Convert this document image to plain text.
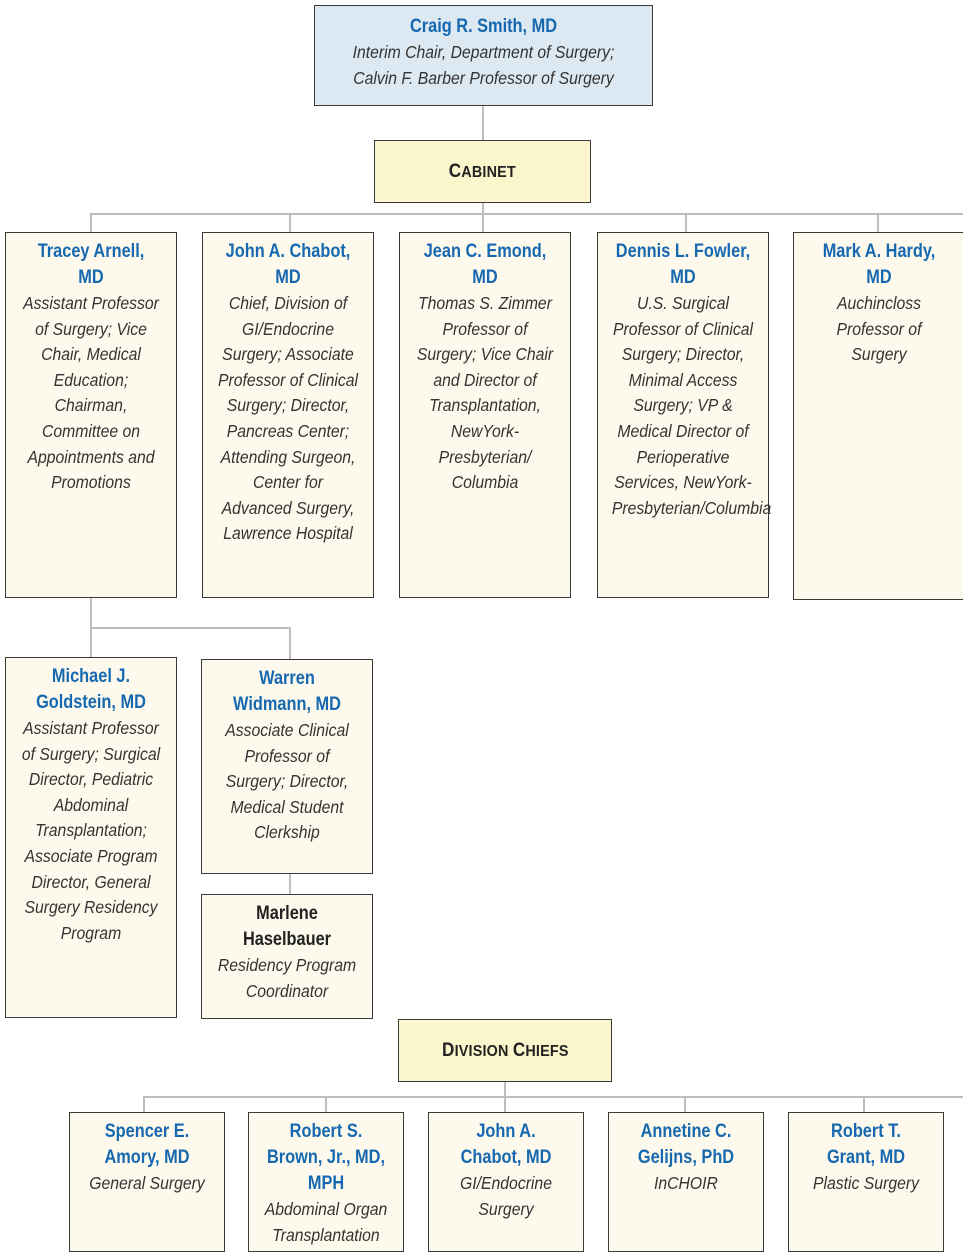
Craig R. Smith, MD
Interim Chair, Department of Surgery;
Calvin F. Barber Professor of Surgery
CABINET
Tracey Arnell, MD
Assistant Professor of Surgery; Vice Chair, Medical Education; Chairman, Committee on Appointments and Promotions
John A. Chabot, MD
Chief, Division of GI/Endocrine Surgery; Associate Professor of Clinical Surgery; Director, Pancreas Center; Attending Surgeon, Center for Advanced Surgery, Lawrence Hospital
Jean C. Emond, MD
Thomas S. Zimmer Professor of Surgery; Vice Chair and Director of Transplantation, NewYork-Presbyterian/ Columbia
Dennis L. Fowler, MD
U.S. Surgical Professor of Clinical Surgery; Director, Minimal Access Surgery; VP & Medical Director of Perioperative Services, NewYork-Presbyterian/Columbia
Mark A. Hardy, MD
Auchincloss Professor of Surgery
Michael J. Goldstein, MD
Assistant Professor of Surgery; Surgical Director, Pediatric Abdominal Transplantation; Associate Program Director, General Surgery Residency Program
Warren Widmann, MD
Associate Clinical Professor of Surgery; Director, Medical Student Clerkship
Marlene Haselbauer
Residency Program Coordinator
DIVISION CHIEFS
Spencer E. Amory, MD
General Surgery
Robert S. Brown, Jr., MD, MPH
Abdominal Organ Transplantation
John A. Chabot, MD
GI/Endocrine Surgery
Annetine C. Gelijns, PhD
InCHOIR
Robert T. Grant, MD
Plastic Surgery
